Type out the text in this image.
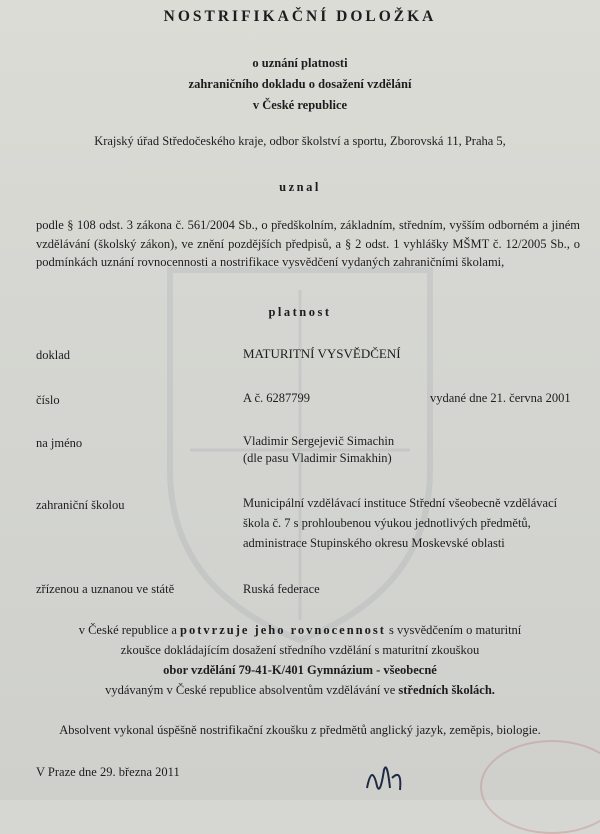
NOSTRIFIKAČNÍ DOLOŽKA
o uznání platnosti
zahraničního dokladu o dosažení vzdělání
v České republice
Krajský úřad Středočeského kraje, odbor školství a sportu, Zborovská 11, Praha 5,
uznal
podle § 108 odst. 3 zákona č. 561/2004 Sb., o předškolním, základním, středním, vyšším odborném a jiném vzdělávání (školský zákon), ve znění pozdějších předpisů, a § 2 odst. 1 vyhlášky MŠMT č. 12/2005 Sb., o podmínkách uznání rovnocennosti a nostrifikace vysvědčení vydaných zahraničními školami,
platnost
doklad	MATURITNÍ VYSVĚDČENÍ
číslo	A č. 6287799	vydané dne 21. června 2001
na jméno	Vladimir Sergejevič Simachin
(dle pasu Vladimir Simakhin)
zahraniční školou	Municipální vzdělávací instituce Střední všeobecně vzdělávací
škola č. 7 s prohloubenou výukou jednotlivých předmětů,
administrace Stupinského okresu Moskevské oblasti
zřízenou a uznanou ve státě	Ruská federace
v České republice a potvrzuje jeho rovnocennost s vysvědčením o maturitní
zkoušce dokládajícím dosažení středního vzdělání s maturitní zkouškou
obor vzdělání 79-41-K/401 Gymnázium - všeobecné
vydávaným v České republice absolventům vzdělávání ve středních školách.
Absolvent vykonal úspěšně nostrifikační zkoušku z předmětů anglický jazyk, zeměpis, biologie.
V Praze dne 29. března 2011
